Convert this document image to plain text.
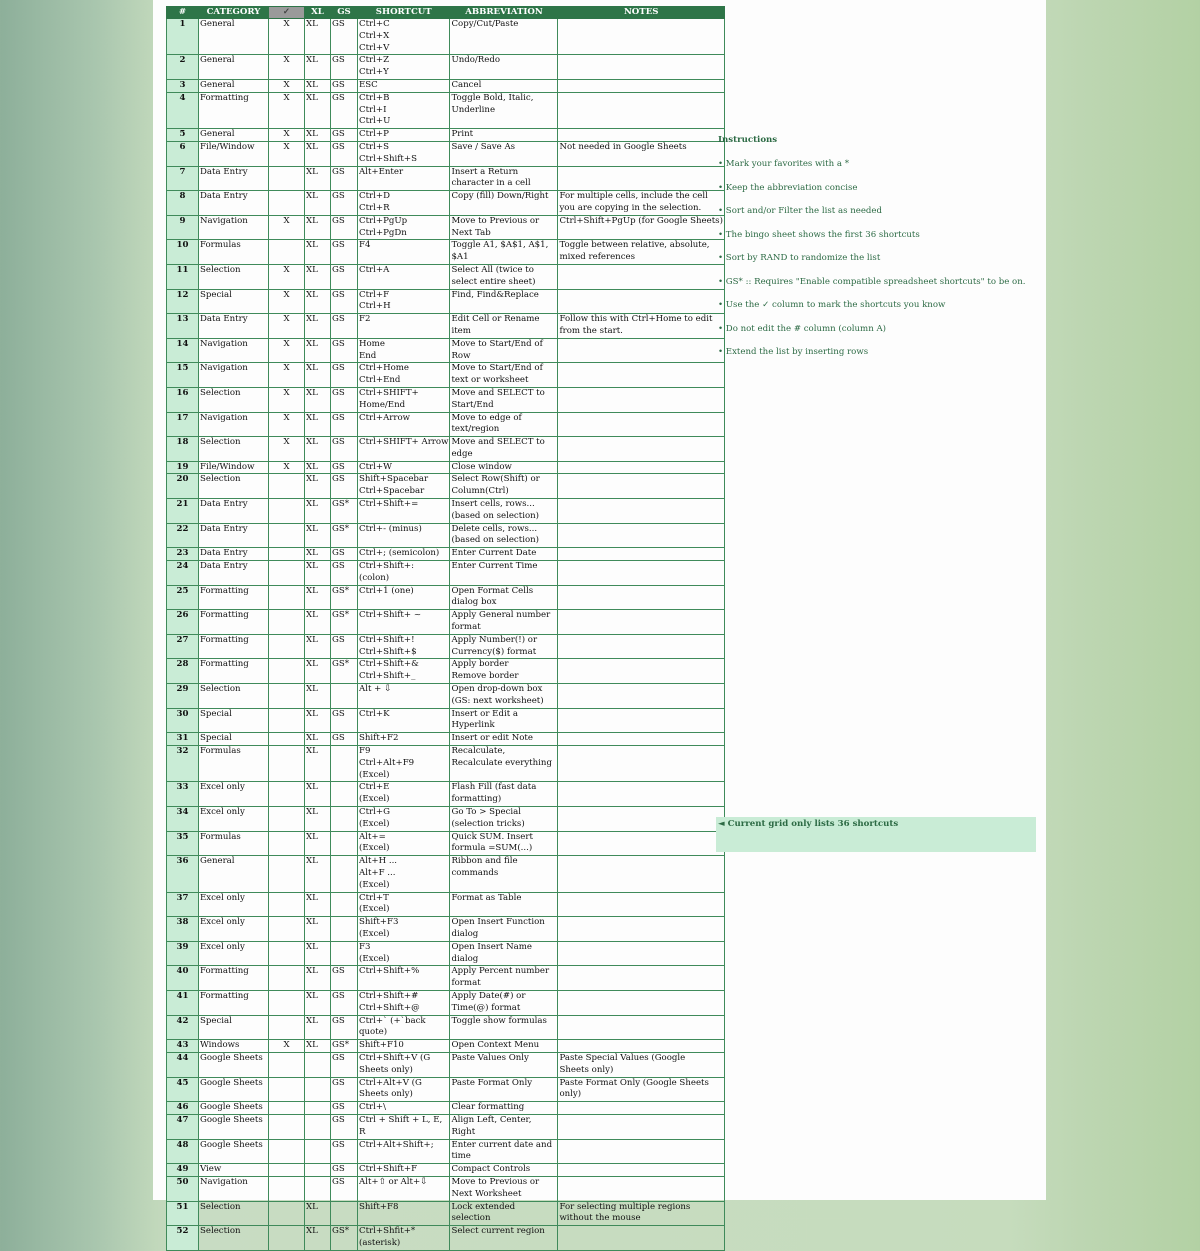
#	CATEGORY	✓	XL	GS	SHORTCUT	ABBREVIATION	NOTES
1	General	X	XL	GS	Ctrl+C
Ctrl+X
Ctrl+V	Copy/Cut/Paste	
2	General	X	XL	GS	Ctrl+Z
Ctrl+Y	Undo/Redo	
3	General	X	XL	GS	ESC	Cancel	
4	Formatting	X	XL	GS	Ctrl+B
Ctrl+I
Ctrl+U	Toggle Bold, Italic,
Underline	
5	General	X	XL	GS	Ctrl+P	Print	
6	File/Window	X	XL	GS	Ctrl+S
Ctrl+Shift+S	Save / Save As	Not needed in Google Sheets
7	Data Entry		XL	GS	Alt+Enter	Insert a Return
character in a cell	
8	Data Entry		XL	GS	Ctrl+D
Ctrl+R	Copy (fill) Down/Right	For multiple cells, include the cell
you are copying in the selection.
9	Navigation	X	XL	GS	Ctrl+PgUp
Ctrl+PgDn	Move to Previous or
Next Tab	Ctrl+Shift+PgUp (for Google Sheets)
10	Formulas		XL	GS	F4	Toggle A1, $A$1, A$1,
$A1	Toggle between relative, absolute,
mixed references
11	Selection	X	XL	GS	Ctrl+A	Select All (twice to
select entire sheet)	
12	Special	X	XL	GS	Ctrl+F
Ctrl+H	Find, Find&Replace	
13	Data Entry	X	XL	GS	F2	Edit Cell or Rename
item	Follow this with Ctrl+Home to edit
from the start.
14	Navigation	X	XL	GS	Home
End	Move to Start/End of
Row	
15	Navigation	X	XL	GS	Ctrl+Home
Ctrl+End	Move to Start/End of
text or worksheet	
16	Selection	X	XL	GS	Ctrl+SHIFT+
Home/End	Move and SELECT to
Start/End	
17	Navigation	X	XL	GS	Ctrl+Arrow	Move to edge of
text/region	
18	Selection	X	XL	GS	Ctrl+SHIFT+ Arrow	Move and SELECT to
edge	
19	File/Window	X	XL	GS	Ctrl+W	Close window	
20	Selection		XL	GS	Shift+Spacebar
Ctrl+Spacebar	Select Row(Shift) or
Column(Ctrl)	
21	Data Entry		XL	GS*	Ctrl+Shift+=	Insert cells, rows...
(based on selection)	
22	Data Entry		XL	GS*	Ctrl+- (minus)	Delete cells, rows...
(based on selection)	
23	Data Entry		XL	GS	Ctrl+; (semicolon)	Enter Current Date	
24	Data Entry		XL	GS	Ctrl+Shift+:
(colon)	Enter Current Time	
25	Formatting		XL	GS*	Ctrl+1 (one)	Open Format Cells
dialog box	
26	Formatting		XL	GS*	Ctrl+Shift+ ~	Apply General number
format	
27	Formatting		XL	GS	Ctrl+Shift+!
Ctrl+Shift+$	Apply Number(!) or
Currency($) format	
28	Formatting		XL	GS*	Ctrl+Shift+&
Ctrl+Shift+_	Apply border
Remove border	
29	Selection		XL		Alt + ⇩	Open drop-down box
(GS: next worksheet)	
30	Special		XL	GS	Ctrl+K	Insert or Edit a
Hyperlink	
31	Special		XL	GS	Shift+F2	Insert or edit Note	
32	Formulas		XL		F9
Ctrl+Alt+F9
(Excel)	Recalculate,
Recalculate everything	
33	Excel only		XL		Ctrl+E
(Excel)	Flash Fill (fast data
formatting)	
34	Excel only		XL		Ctrl+G
(Excel)	Go To > Special
(selection tricks)	
35	Formulas		XL		Alt+=
(Excel)	Quick SUM. Insert
formula =SUM(...)	
36	General		XL		Alt+H ...
Alt+F ...
(Excel)	Ribbon and file
commands	
37	Excel only		XL		Ctrl+T
(Excel)	Format as Table	
38	Excel only		XL		Shift+F3
(Excel)	Open Insert Function
dialog	
39	Excel only		XL		F3
(Excel)	Open Insert Name
dialog	
40	Formatting		XL	GS	Ctrl+Shift+%	Apply Percent number
format	
41	Formatting		XL	GS	Ctrl+Shift+#
Ctrl+Shift+@	Apply Date(#) or
Time(@) format	
42	Special		XL	GS	Ctrl+` (+`back
quote)	Toggle show formulas	
43	Windows	X	XL	GS*	Shift+F10	Open Context Menu	
44	Google Sheets			GS	Ctrl+Shift+V (G
Sheets only)	Paste Values Only	Paste Special Values (Google
Sheets only)
45	Google Sheets			GS	Ctrl+Alt+V (G
Sheets only)	Paste Format Only	Paste Format Only (Google Sheets
only)
46	Google Sheets			GS	Ctrl+\	Clear formatting	
47	Google Sheets			GS	Ctrl + Shift + L, E,
R	Align Left, Center,
Right	
48	Google Sheets			GS	Ctrl+Alt+Shift+;	Enter current date and
time	
49	View			GS	Ctrl+Shift+F	Compact Controls	
50	Navigation			GS	Alt+⇧ or Alt+⇩	Move to Previous or
Next Worksheet	
51	Selection		XL		Shift+F8	Lock extended
selection	For selecting multiple regions
without the mouse
52	Selection		XL	GS*	Ctrl+Shfit+*
(asterisk)	Select current region	
Instructions
• Mark your favorites with a *
• Keep the abbreviation concise
• Sort and/or Filter the list as needed
• The bingo sheet shows the first 36 shortcuts
• Sort by RAND to randomize the list
• GS* :: Requires "Enable compatible spreadsheet shortcuts" to be on.
• Use the ✓ column to mark the shortcuts you know
• Do not edit the # column (column A)
• Extend the list by inserting rows
◄ Current grid only lists 36 shortcuts
